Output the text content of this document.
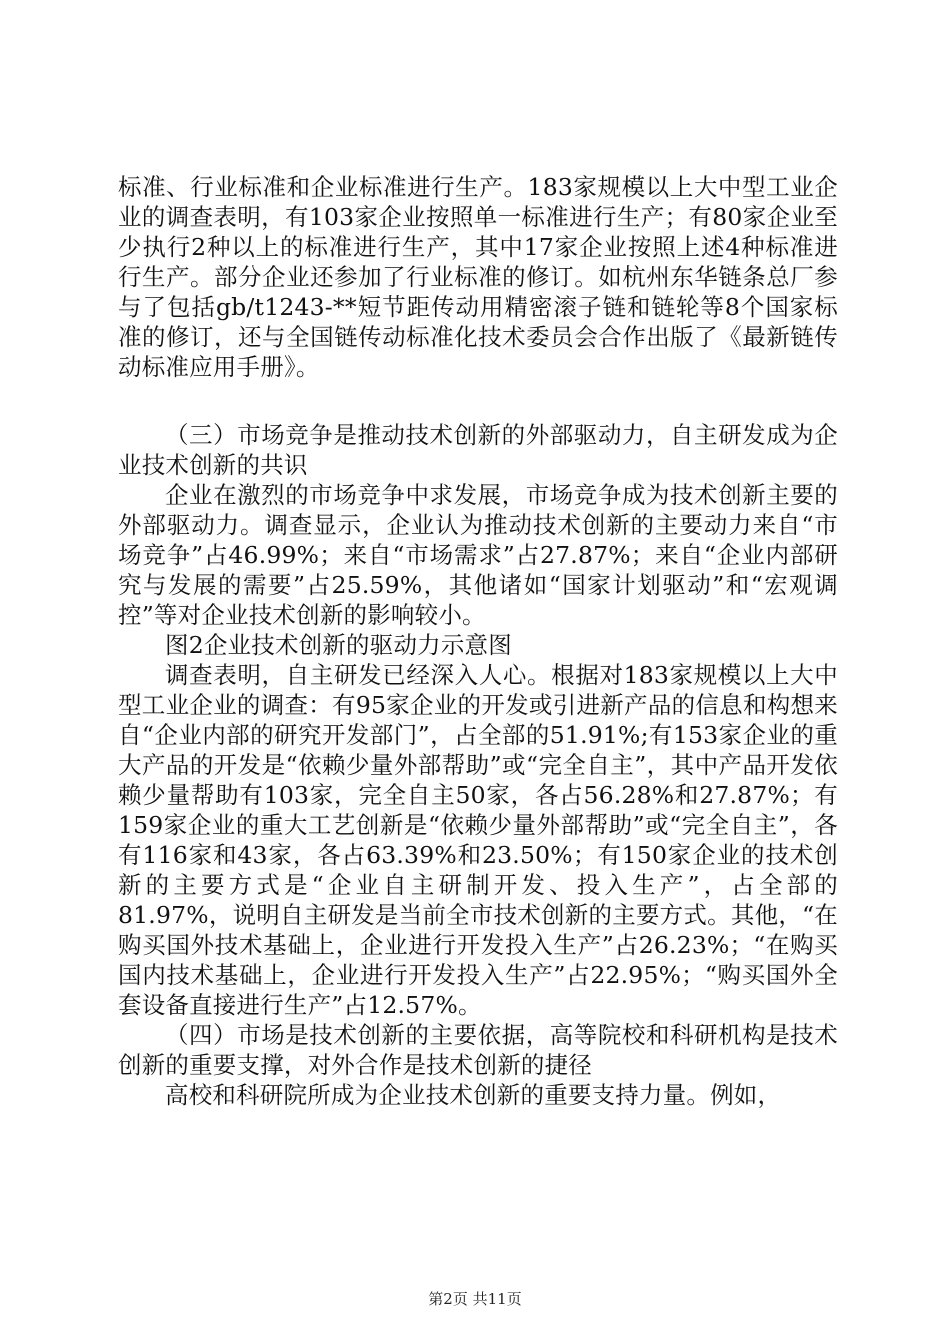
标准、行业标准和企业标准进行生产。183家规模以上大中型工业企业的调查表明，有103家企业按照单一标准进行生产；有80家企业至少执行2种以上的标准进行生产，其中17家企业按照上述4种标准进行生产。部分企业还参加了行业标准的修订。如杭州东华链条总厂参与了包括gb/t1243-**短节距传动用精密滚子链和链轮等8个国家标准的修订，还与全国链传动标准化技术委员会合作出版了《最新链传动标准应用手册》。

（三）市场竞争是推动技术创新的外部驱动力，自主研发成为企业技术创新的共识

企业在激烈的市场竞争中求发展，市场竞争成为技术创新主要的外部驱动力。调查显示，企业认为推动技术创新的主要动力来自“市场竞争”占46.99%；来自“市场需求”占27.87%；来自“企业内部研究与发展的需要”占25.59%，其他诸如“国家计划驱动”和“宏观调控”等对企业技术创新的影响较小。

图2企业技术创新的驱动力示意图

调查表明，自主研发已经深入人心。根据对183家规模以上大中型工业企业的调查：有95家企业的开发或引进新产品的信息和构想来自“企业内部的研究开发部门”，占全部的51.91%;有153家企业的重大产品的开发是“依赖少量外部帮助”或“完全自主”，其中产品开发依赖少量帮助有103家，完全自主50家，各占56.28%和27.87%；有159家企业的重大工艺创新是“依赖少量外部帮助”或“完全自主”，各有116家和43家，各占63.39%和23.50%；有150家企业的技术创新的主要方式是“企业自主研制开发、投入生产”，占全部的81.97%，说明自主研发是当前全市技术创新的主要方式。其他，“在购买国外技术基础上，企业进行开发投入生产”占26.23%；“在购买国内技术基础上，企业进行开发投入生产”占22.95%；“购买国外全套设备直接进行生产”占12.57%。

（四）市场是技术创新的主要依据，高等院校和科研机构是技术创新的重要支撑，对外合作是技术创新的捷径

高校和科研院所成为企业技术创新的重要支持力量。例如，

第2页 共11页
